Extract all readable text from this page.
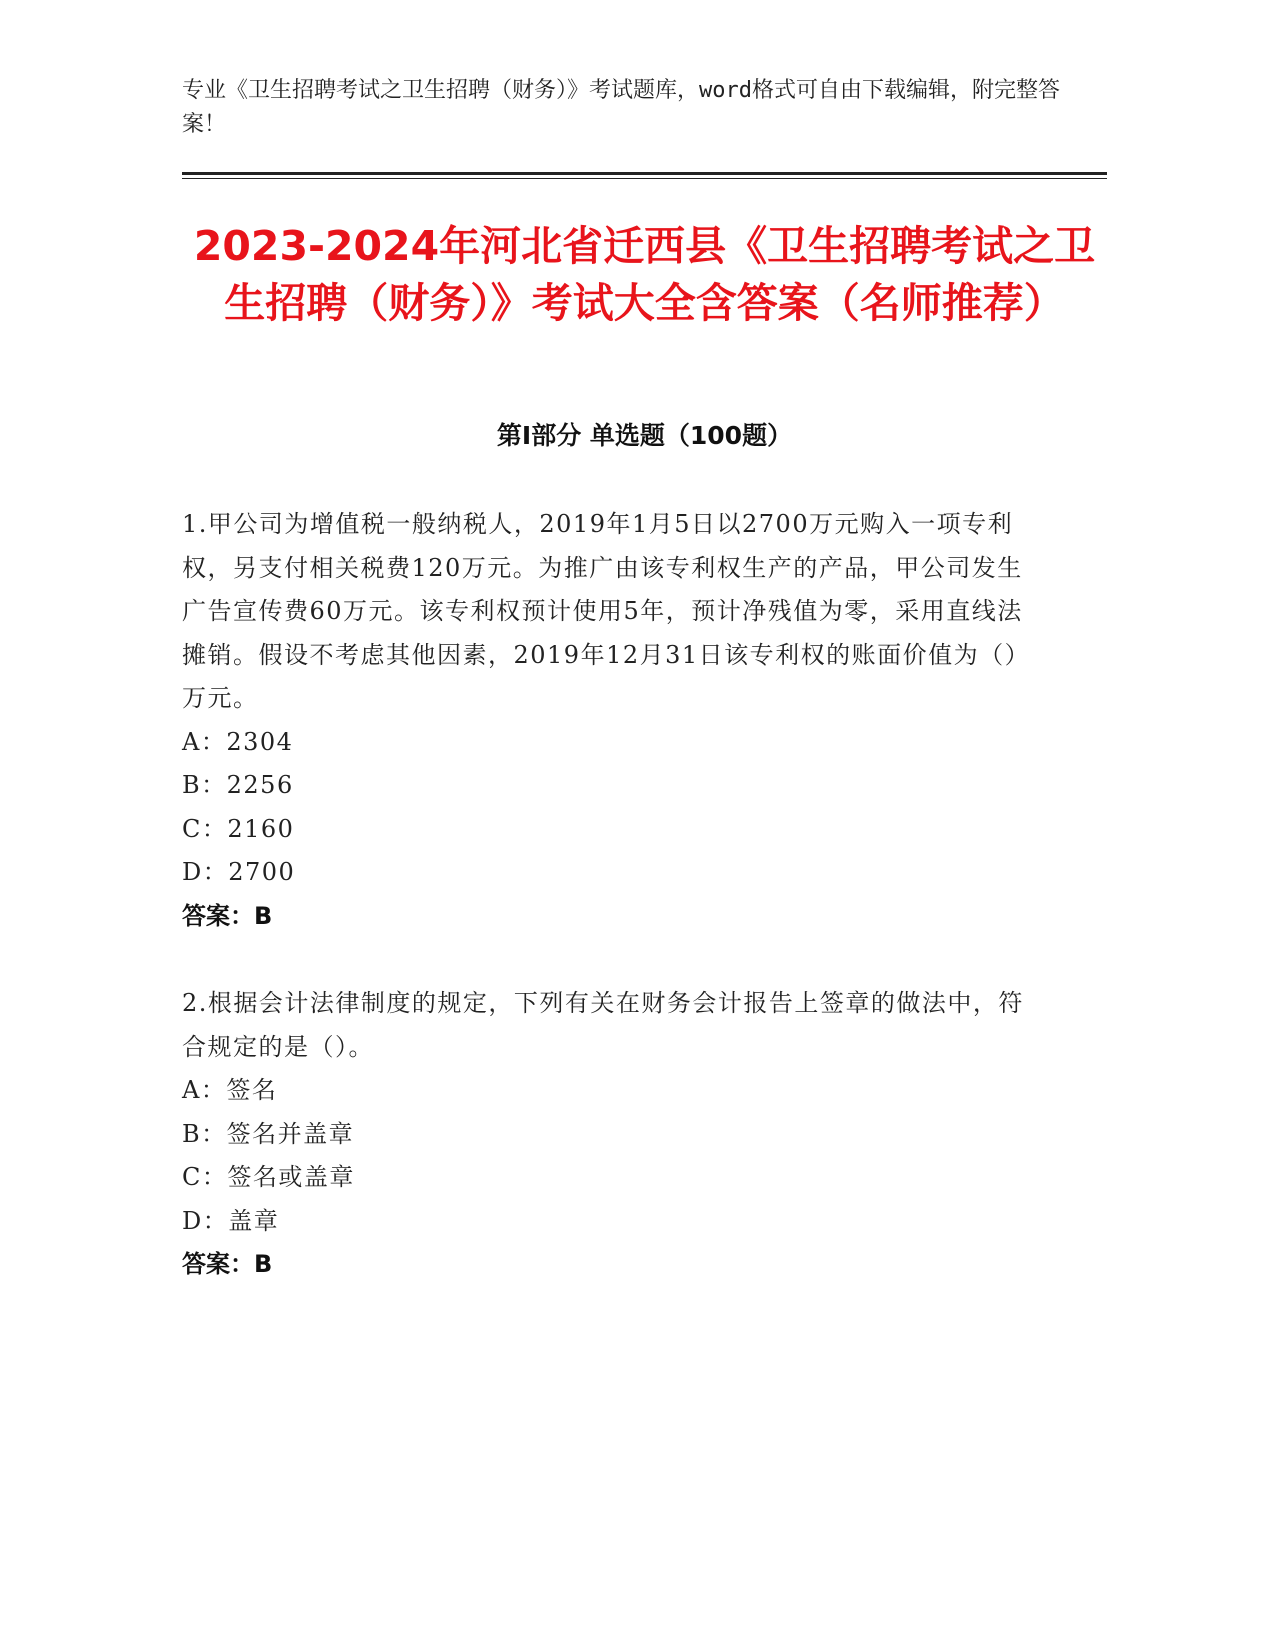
专业《卫生招聘考试之卫生招聘（财务）》考试题库，word格式可自由下载编辑，附完整答案！

2023-2024年河北省迁西县《卫生招聘考试之卫生招聘（财务）》考试大全含答案（名师推荐）
第Ⅰ部分 单选题（100题）

1.甲公司为增值税一般纳税人，2019年1月5日以2700万元购入一项专利权，另支付相关税费120万元。为推广由该专利权生产的产品，甲公司发生广告宣传费60万元。该专利权预计使用5年，预计净残值为零，采用直线法摊销。假设不考虑其他因素，2019年12月31日该专利权的账面价值为（）万元。

A：2304

B：2256

C：2160

D：2700

答案：B

2.根据会计法律制度的规定，下列有关在财务会计报告上签章的做法中，符合规定的是（）。

A：签名

B：签名并盖章

C：签名或盖章

D：盖章

答案：B
